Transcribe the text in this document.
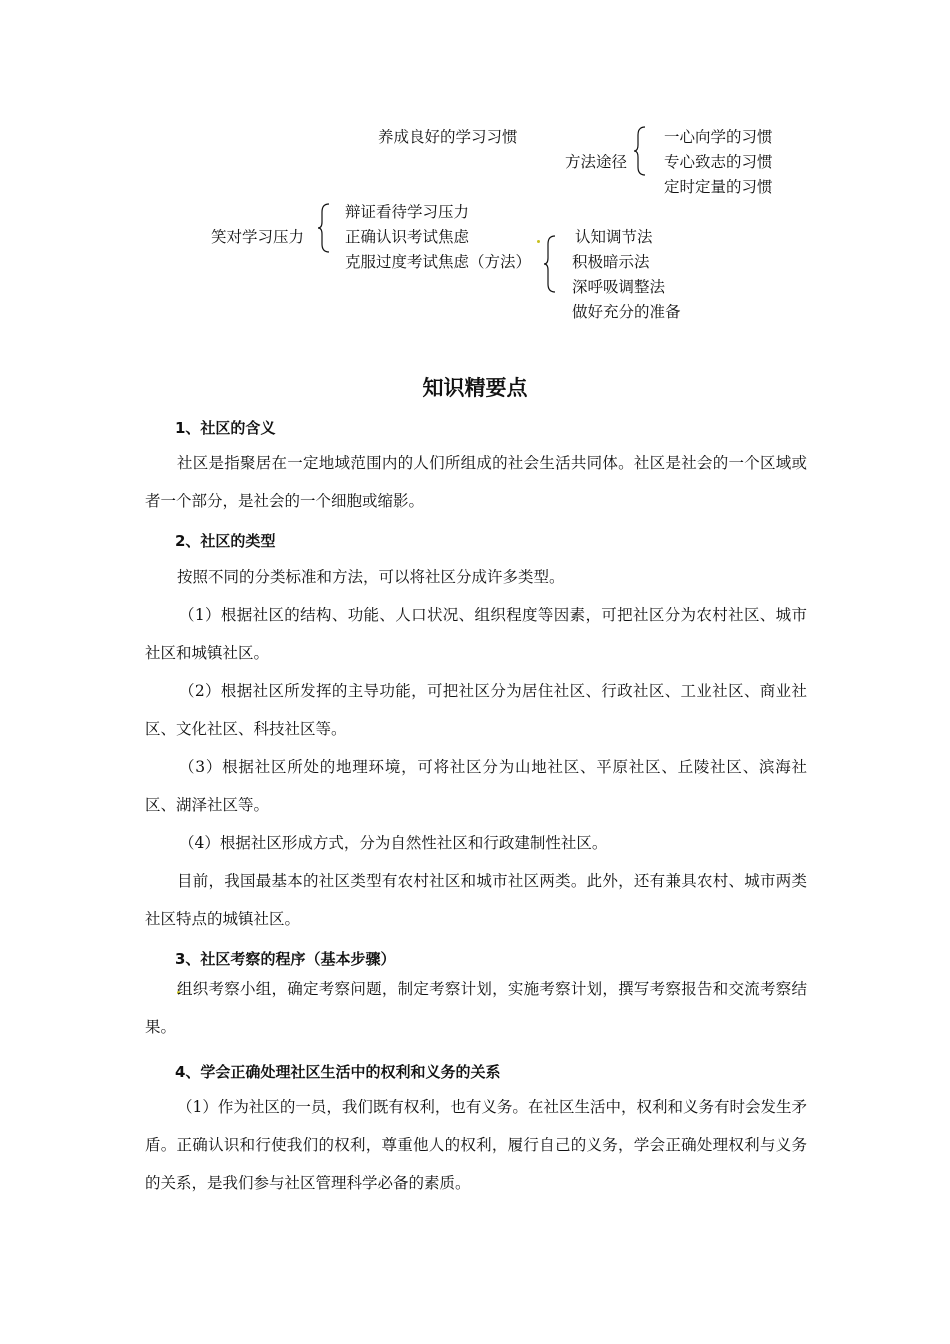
养成良好的学习习惯
方法途径
一心向学的习惯
专心致志的习惯
定时定量的习惯
笑对学习压力
辩证看待学习压力
正确认识考试焦虑
克服过度考试焦虑（方法）
认知调节法
积极暗示法
深呼吸调整法
做好充分的准备
知识精要点
1、社区的含义
社区是指聚居在一定地域范围内的人们所组成的社会生活共同体。社区是社会的一个区域或者一个部分，是社会的一个细胞或缩影。
2、社区的类型
按照不同的分类标准和方法，可以将社区分成许多类型。
（1）根据社区的结构、功能、人口状况、组织程度等因素，可把社区分为农村社区、城市社区和城镇社区。
（2）根据社区所发挥的主导功能，可把社区分为居住社区、行政社区、工业社区、商业社区、文化社区、科技社区等。
（3）根据社区所处的地理环境，可将社区分为山地社区、平原社区、丘陵社区、滨海社区、湖泽社区等。
（4）根据社区形成方式，分为自然性社区和行政建制性社区。
目前，我国最基本的社区类型有农村社区和城市社区两类。此外，还有兼具农村、城市两类社区特点的城镇社区。
3、社区考察的程序（基本步骤）
组织考察小组，确定考察问题，制定考察计划，实施考察计划，撰写考察报告和交流考察结果。
4、学会正确处理社区生活中的权利和义务的关系
（1）作为社区的一员，我们既有权利，也有义务。在社区生活中，权利和义务有时会发生矛盾。正确认识和行使我们的权利，尊重他人的权利，履行自己的义务，学会正确处理权利与义务的关系，是我们参与社区管理科学必备的素质。
